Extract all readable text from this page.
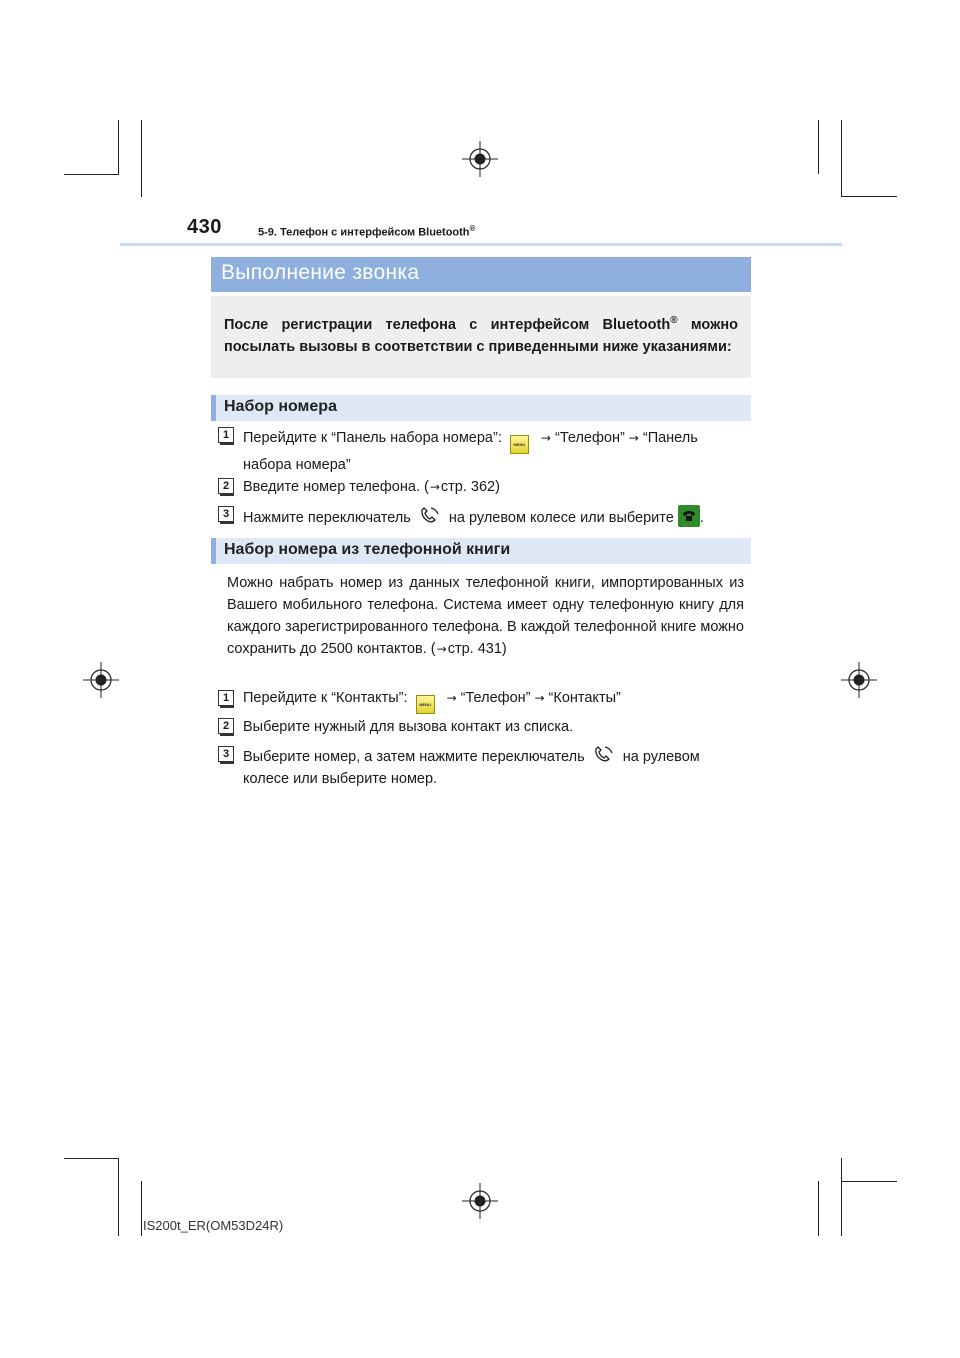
430	5-9. Телефон с интерфейсом Bluetooth®
Выполнение звонка

После регистрации телефона с интерфейсом Bluetooth® можно посылать вызовы в соответствии с приведенными ниже указаниями:

Набор номера
1 Перейдите к “Панель набора номера”:	MENU → “Телефон” → “Панель набора номера”
2 Введите номер телефона. (→стр. 362)
3 Нажмите переключатель	на рулевом колесе или выберите .
Набор номера из телефонной книги
Можно набрать номер из данных телефонной книги, импортированных из Вашего мобильного телефона. Система имеет одну телефонную книгу для каждого зарегистрированного телефона. В каждой телефонной книге можно сохранить до 2500 контактов. (→стр. 431)
1 Перейдите к “Контакты”:	MENU → “Телефон” → “Контакты”
2 Выберите нужный для вызова контакт из списка.
3 Выберите номер, а затем нажмите переключатель	на рулевом колесе или выберите номер.
IS200t_ER(OM53D24R)
